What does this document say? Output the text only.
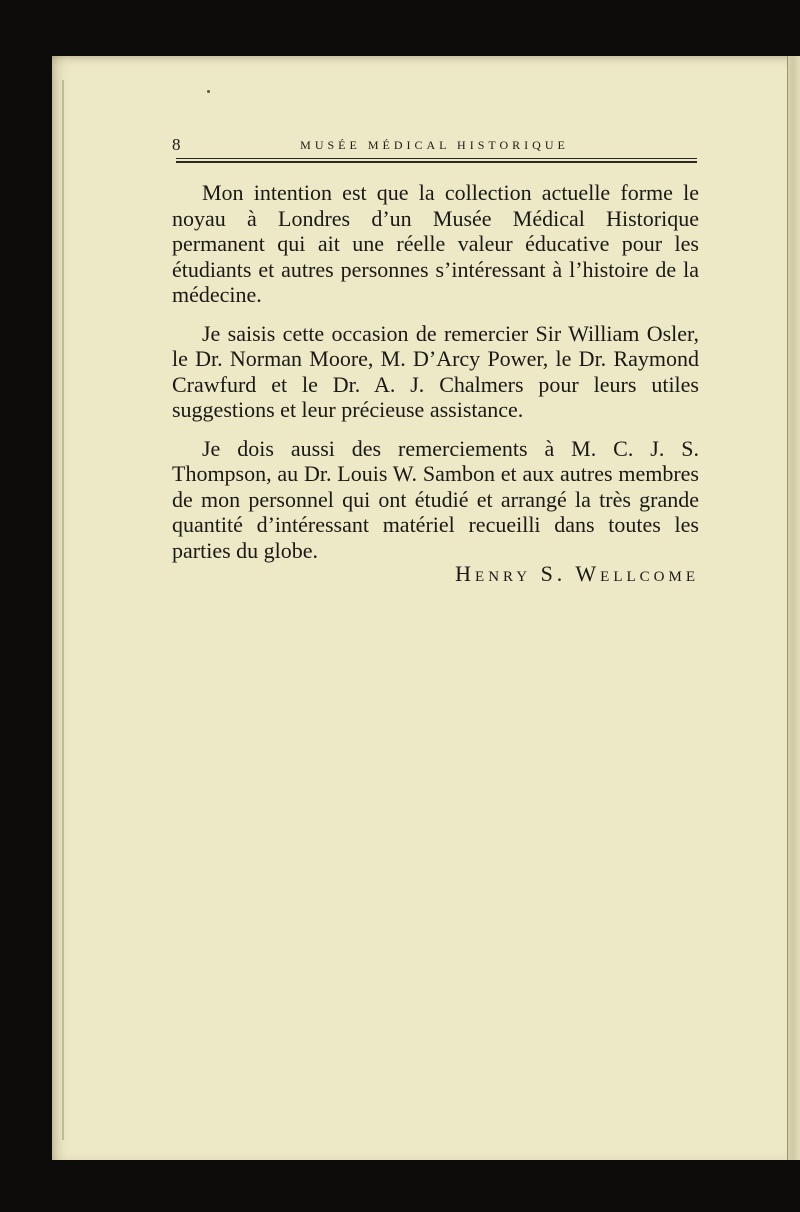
8	MUSÉE MÉDICAL HISTORIQUE

Mon intention est que la collection actuelle forme le noyau à Londres d’un Musée Médical Historique permanent qui ait une réelle valeur éducative pour les étudiants et autres personnes s’intéressant à l’histoire de la médecine.

Je saisis cette occasion de remercier Sir William Osler, le Dr. Norman Moore, M. D’Arcy Power, le Dr. Raymond Crawfurd et le Dr. A. J. Chalmers pour leurs utiles suggestions et leur précieuse assistance.

Je dois aussi des remerciements à M. C. J. S. Thompson, au Dr. Louis W. Sambon et aux autres membres de mon personnel qui ont étudié et arrangé la très grande quantité d’intéressant matériel recueilli dans toutes les parties du globe.

Henry S. Wellcome
